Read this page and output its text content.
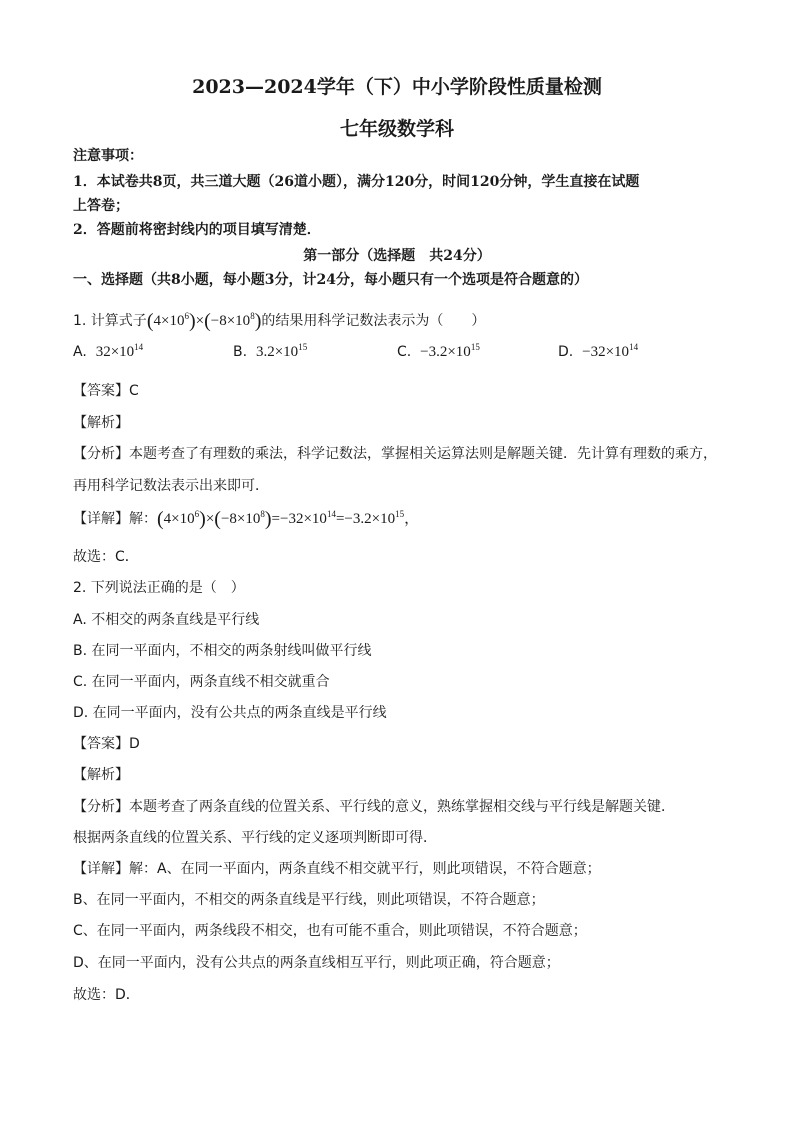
2023—2024学年（下）中小学阶段性质量检测
七年级数学科
注意事项：
1．本试卷共8页，共三道大题（26道小题），满分120分，时间120分钟，学生直接在试题
上答卷；
2．答题前将密封线内的项目填写清楚．
第一部分（选择题　共24分）
一、选择题（共8小题，每小题3分，计24分，每小题只有一个选项是符合题意的）
1. 计算式子$(4\times 10^6)\times(-8\times 10^8)$的结果用科学记数法表示为（　　）
A. $32\times 10^{14}$	B. $3.2\times 10^{15}$	C. $-3.2\times 10^{15}$	D. $-32\times 10^{14}$
【答案】C
【解析】
【分析】本题考查了有理数的乘法，科学记数法，掌握相关运算法则是解题关键．先计算有理数的乘方，
再用科学记数法表示出来即可．
【详解】解：$(4\times 10^6)\times(-8\times 10^8)=-32\times 10^{14}=-3.2\times 10^{15}$，
故选：C．
2. 下列说法正确的是（　）
A. 不相交的两条直线是平行线
B. 在同一平面内，不相交的两条射线叫做平行线
C. 在同一平面内，两条直线不相交就重合
D. 在同一平面内，没有公共点的两条直线是平行线
【答案】D
【解析】
【分析】本题考查了两条直线的位置关系、平行线的意义，熟练掌握相交线与平行线是解题关键．
根据两条直线的位置关系、平行线的定义逐项判断即可得．
【详解】解：A、在同一平面内，两条直线不相交就平行，则此项错误，不符合题意；
B、在同一平面内，不相交的两条直线是平行线，则此项错误，不符合题意；
C、在同一平面内，两条线段不相交，也有可能不重合，则此项错误，不符合题意；
D、在同一平面内，没有公共点的两条直线相互平行，则此项正确，符合题意；
故选：D．
